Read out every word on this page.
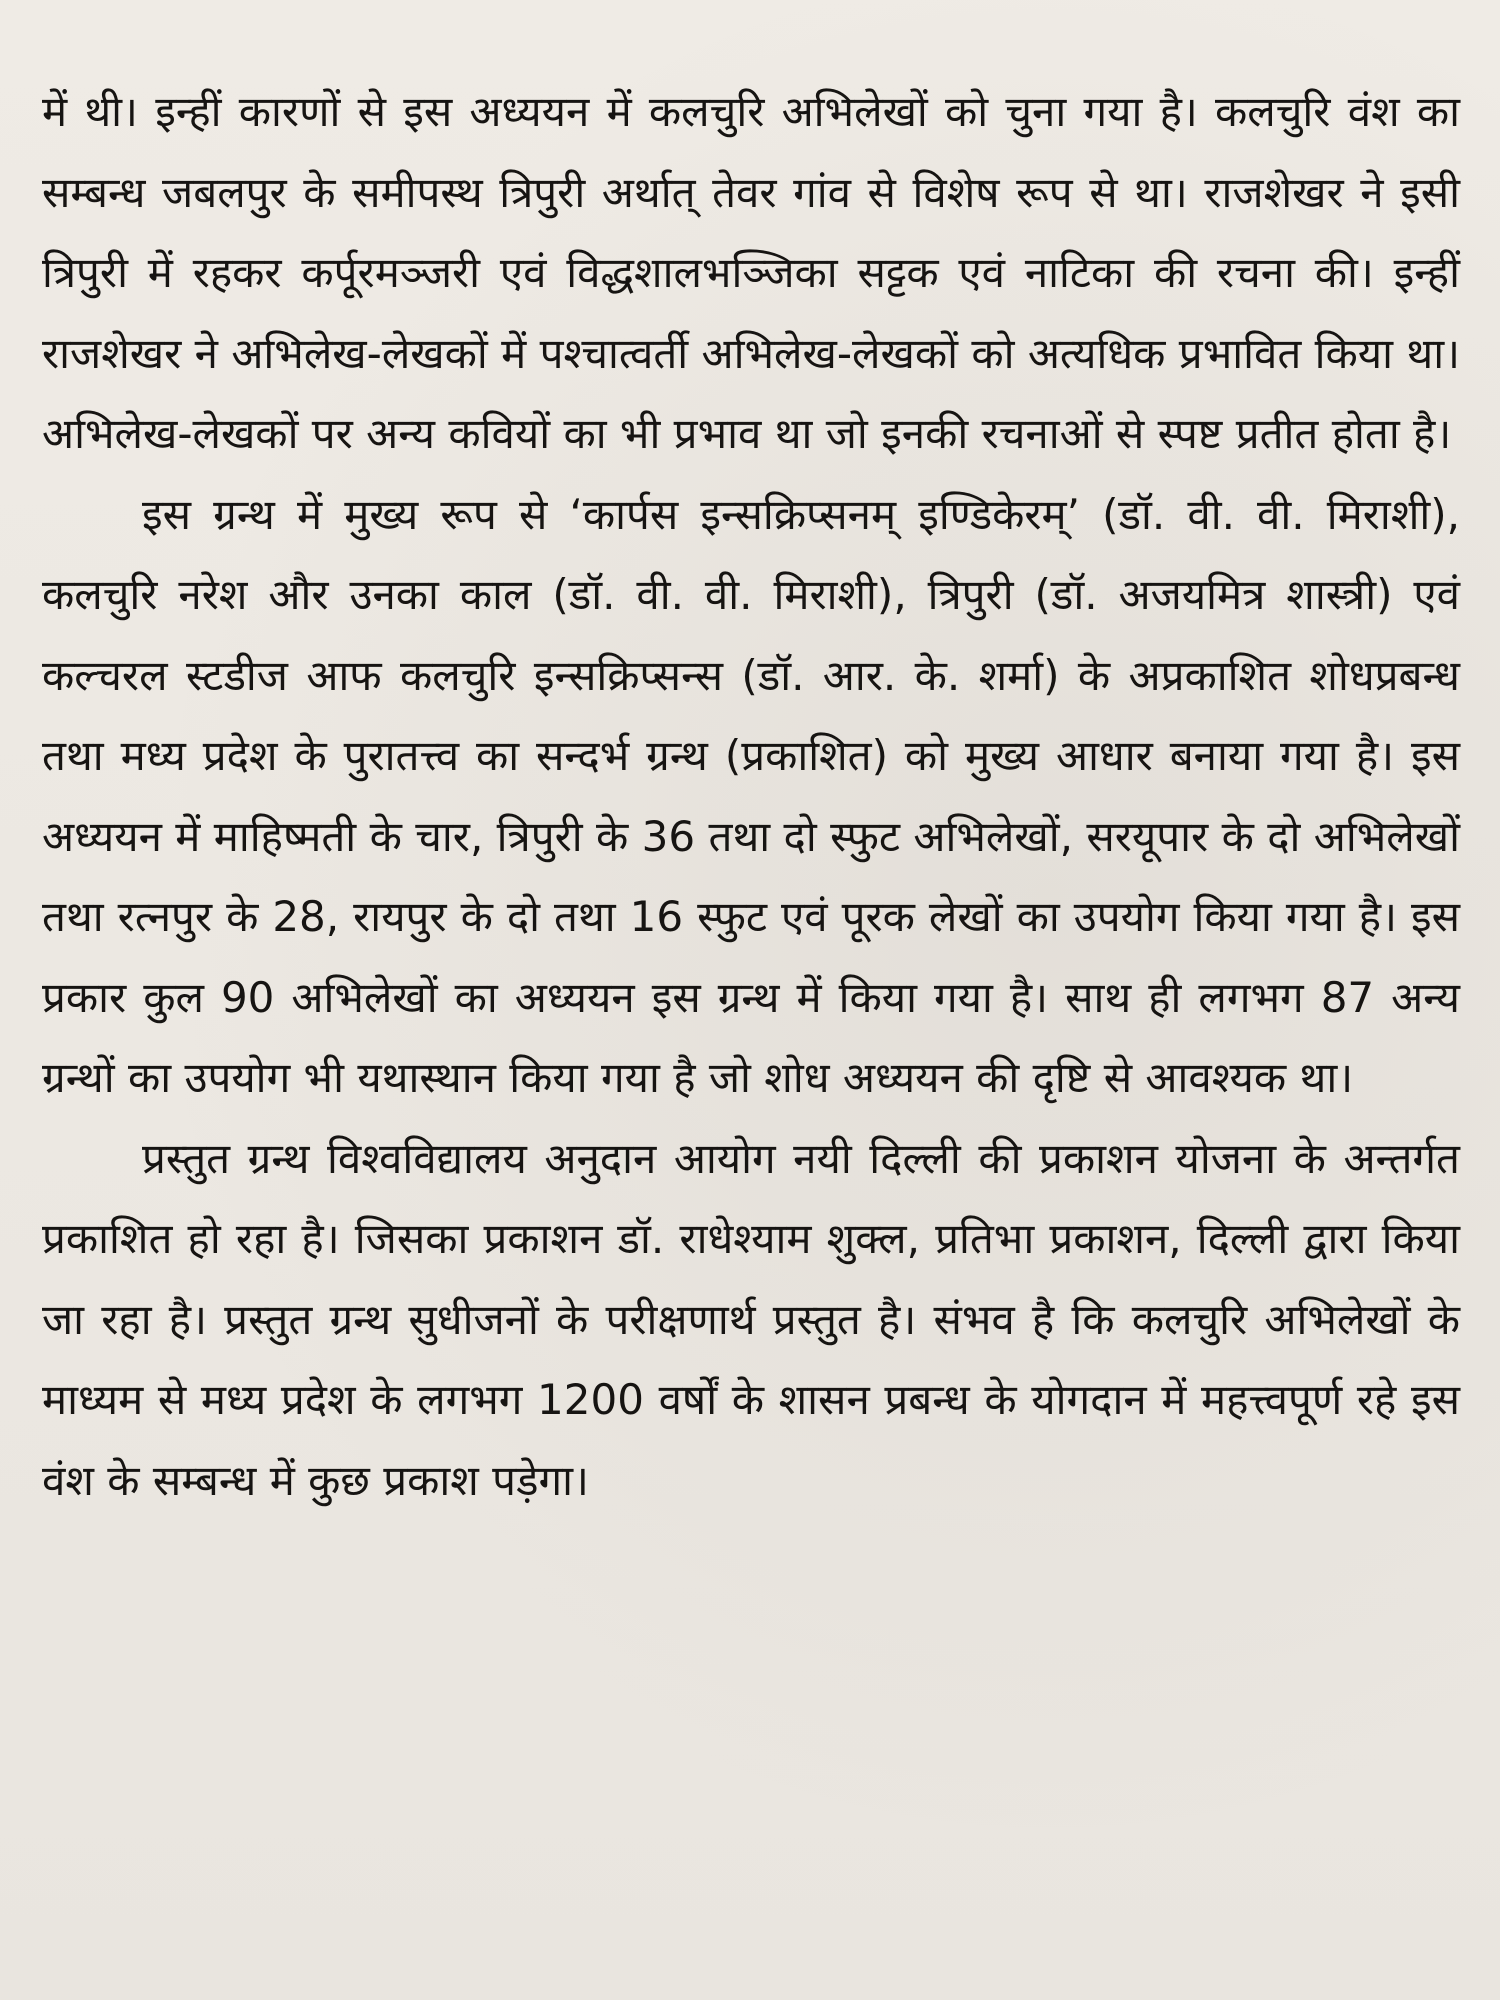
में थी। इन्हीं कारणों से इस अध्ययन में कलचुरि अभिलेखों को चुना गया है। कलचुरि वंश का सम्बन्ध जबलपुर के समीपस्थ त्रिपुरी अर्थात् तेवर गांव से विशेष रूप से था। राजशेखर ने इसी त्रिपुरी में रहकर कर्पूरमञ्जरी एवं विद्धशालभञ्जिका सट्टक एवं नाटिका की रचना की। इन्हीं राजशेखर ने अभिलेख-लेखकों में पश्चात्वर्ती अभिलेख-लेखकों को अत्यधिक प्रभावित किया था। अभिलेख-लेखकों पर अन्य कवियों का भी प्रभाव था जो इनकी रचनाओं से स्पष्ट प्रतीत होता है।

इस ग्रन्थ में मुख्य रूप से ‘कार्पस इन्सक्रिप्सनम् इण्डिकेरम्’ (डॉ. वी. वी. मिराशी), कलचुरि नरेश और उनका काल (डॉ. वी. वी. मिराशी), त्रिपुरी (डॉ. अजयमित्र शास्त्री) एवं कल्चरल स्टडीज आफ कलचुरि इन्सक्रिप्सन्स (डॉ. आर. के. शर्मा) के अप्रकाशित शोधप्रबन्ध तथा मध्य प्रदेश के पुरातत्त्व का सन्दर्भ ग्रन्थ (प्रकाशित) को मुख्य आधार बनाया गया है। इस अध्ययन में माहिष्मती के चार, त्रिपुरी के 36 तथा दो स्फुट अभिलेखों, सरयूपार के दो अभिलेखों तथा रत्नपुर के 28, रायपुर के दो तथा 16 स्फुट एवं पूरक लेखों का उपयोग किया गया है। इस प्रकार कुल 90 अभिलेखों का अध्ययन इस ग्रन्थ में किया गया है। साथ ही लगभग 87 अन्य ग्रन्थों का उपयोग भी यथास्थान किया गया है जो शोध अध्ययन की दृष्टि से आवश्यक था।

प्रस्तुत ग्रन्थ विश्वविद्यालय अनुदान आयोग नयी दिल्ली की प्रकाशन योजना के अन्तर्गत प्रकाशित हो रहा है। जिसका प्रकाशन डॉ. राधेश्याम शुक्ल, प्रतिभा प्रकाशन, दिल्ली द्वारा किया जा रहा है। प्रस्तुत ग्रन्थ सुधीजनों के परीक्षणार्थ प्रस्तुत है। संभव है कि कलचुरि अभिलेखों के माध्यम से मध्य प्रदेश के लगभग 1200 वर्षों के शासन प्रबन्ध के योगदान में महत्त्वपूर्ण रहे इस वंश के सम्बन्ध में कुछ प्रकाश पड़ेगा।
